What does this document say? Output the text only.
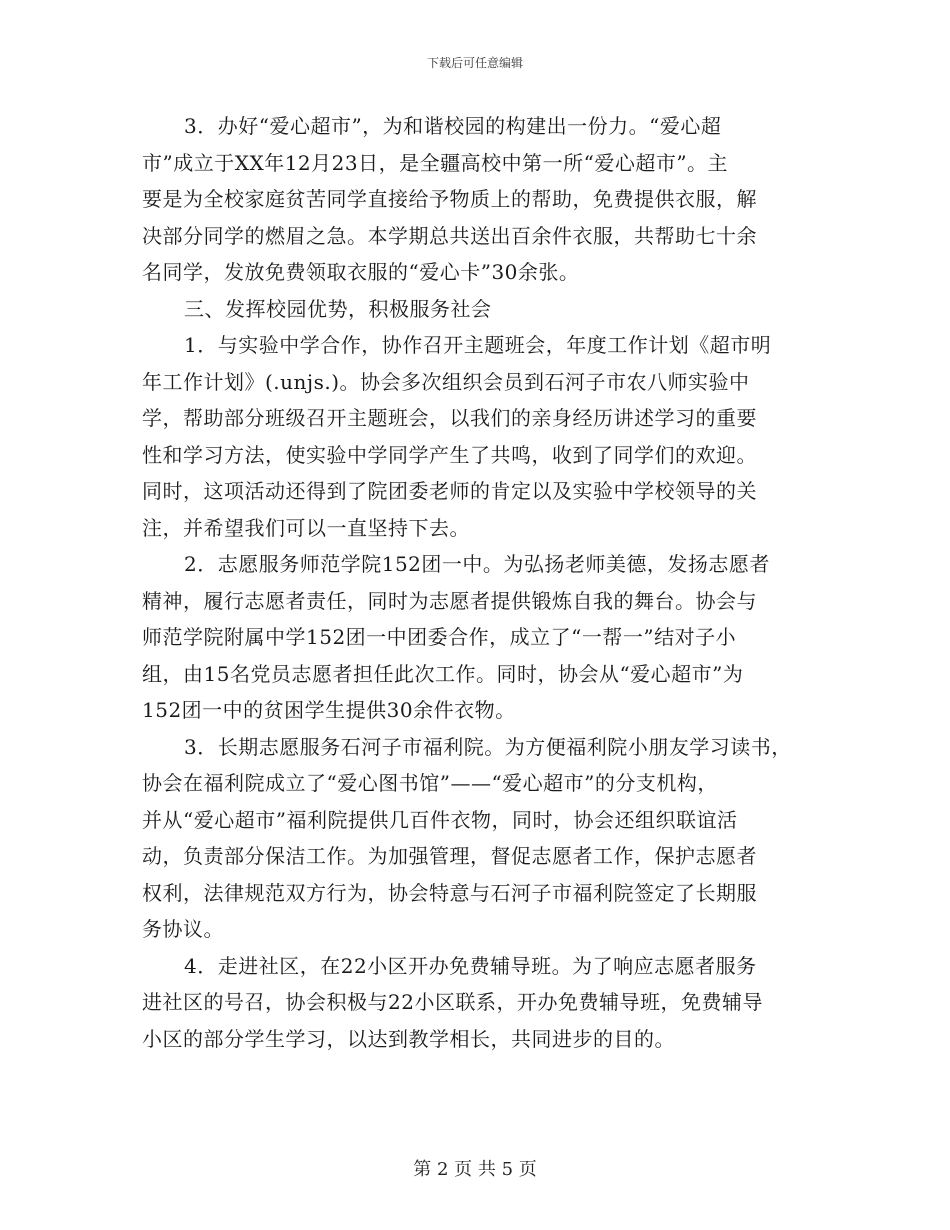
下载后可任意编辑
3．办好“爱心超市”，为和谐校园的构建出一份力。“爱心超
市”成立于XX年12月23日，是全疆高校中第一所“爱心超市”。主
要是为全校家庭贫苦同学直接给予物质上的帮助，免费提供衣服，解
决部分同学的燃眉之急。本学期总共送出百余件衣服，共帮助七十余
名同学，发放免费领取衣服的“爱心卡”30余张。
三、发挥校园优势，积极服务社会
1．与实验中学合作，协作召开主题班会，年度工作计划《超市明
年工作计划》(.unjs.)。协会多次组织会员到石河子市农八师实验中
学，帮助部分班级召开主题班会，以我们的亲身经历讲述学习的重要
性和学习方法，使实验中学同学产生了共鸣，收到了同学们的欢迎。
同时，这项活动还得到了院团委老师的肯定以及实验中学校领导的关
注，并希望我们可以一直坚持下去。
2．志愿服务师范学院152团一中。为弘扬老师美德，发扬志愿者
精神，履行志愿者责任，同时为志愿者提供锻炼自我的舞台。协会与
师范学院附属中学152团一中团委合作，成立了“一帮一”结对子小
组，由15名党员志愿者担任此次工作。同时，协会从“爱心超市”为
152团一中的贫困学生提供30余件衣物。
3．长期志愿服务石河子市福利院。为方便福利院小朋友学习读书，
协会在福利院成立了“爱心图书馆”——“爱心超市”的分支机构，
并从“爱心超市”福利院提供几百件衣物，同时，协会还组织联谊活
动，负责部分保洁工作。为加强管理，督促志愿者工作，保护志愿者
权利，法律规范双方行为，协会特意与石河子市福利院签定了长期服
务协议。
4．走进社区，在22小区开办免费辅导班。为了响应志愿者服务
进社区的号召，协会积极与22小区联系，开办免费辅导班，免费辅导
小区的部分学生学习，以达到教学相长，共同进步的目的。
第 2 页 共 5 页
